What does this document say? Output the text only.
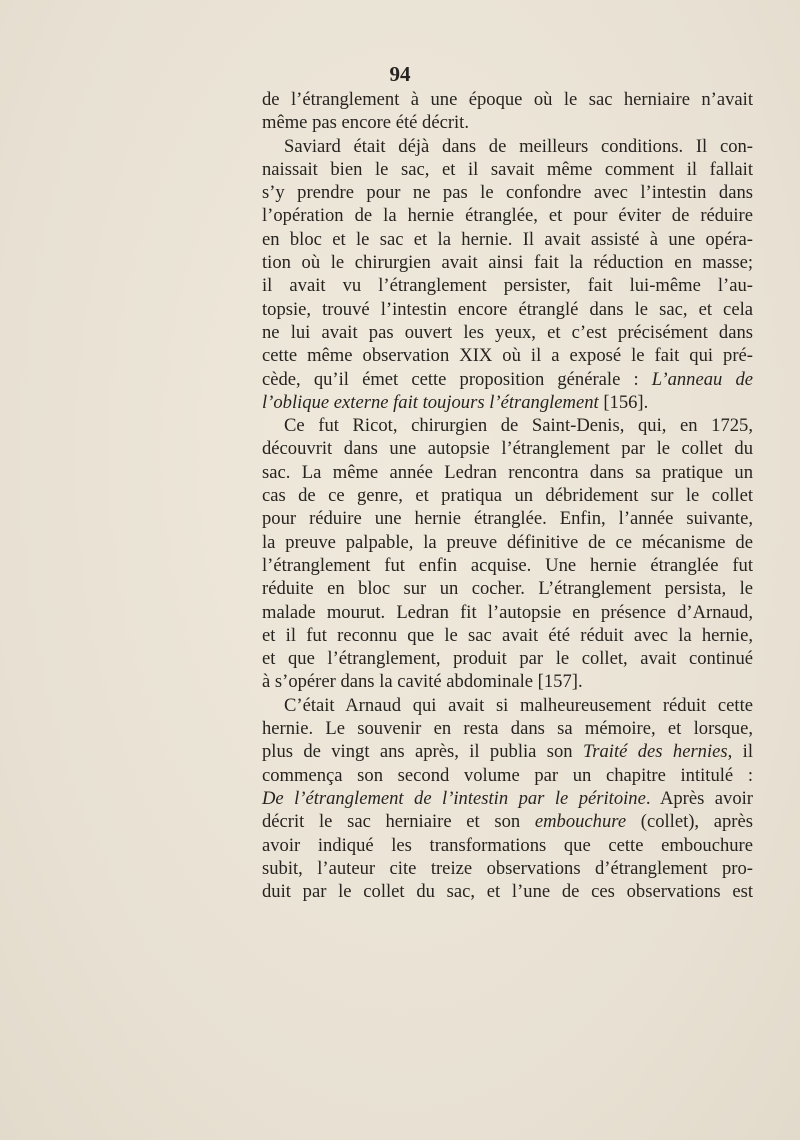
94
de l’étranglement à une époque où le sac herniaire n’avait
même pas encore été décrit.
Saviard était déjà dans de meilleurs conditions. Il con-
naissait bien le sac, et il savait même comment il fallait
s’y prendre pour ne pas le confondre avec l’intestin dans
l’opération de la hernie étranglée, et pour éviter de réduire
en bloc et le sac et la hernie. Il avait assisté à une opéra-
tion où le chirurgien avait ainsi fait la réduction en masse;
il avait vu l’étranglement persister, fait lui-même l’au-
topsie, trouvé l’intestin encore étranglé dans le sac, et cela
ne lui avait pas ouvert les yeux, et c’est précisément dans
cette même observation XIX où il a exposé le fait qui pré-
cède, qu’il émet cette proposition générale : L’anneau de
l’oblique externe fait toujours l’étranglement [156].
Ce fut Ricot, chirurgien de Saint-Denis, qui, en 1725,
découvrit dans une autopsie l’étranglement par le collet du
sac. La même année Ledran rencontra dans sa pratique un
cas de ce genre, et pratiqua un débridement sur le collet
pour réduire une hernie étranglée. Enfin, l’année suivante,
la preuve palpable, la preuve définitive de ce mécanisme de
l’étranglement fut enfin acquise. Une hernie étranglée fut
réduite en bloc sur un cocher. L’étranglement persista, le
malade mourut. Ledran fit l’autopsie en présence d’Arnaud,
et il fut reconnu que le sac avait été réduit avec la hernie,
et que l’étranglement, produit par le collet, avait continué
à s’opérer dans la cavité abdominale [157].
C’était Arnaud qui avait si malheureusement réduit cette
hernie. Le souvenir en resta dans sa mémoire, et lorsque,
plus de vingt ans après, il publia son Traité des hernies, il
commença son second volume par un chapitre intitulé :
De l’étranglement de l’intestin par le péritoine. Après avoir
décrit le sac herniaire et son embouchure (collet), après
avoir indiqué les transformations que cette embouchure
subit, l’auteur cite treize observations d’étranglement pro-
duit par le collet du sac, et l’une de ces observations est
